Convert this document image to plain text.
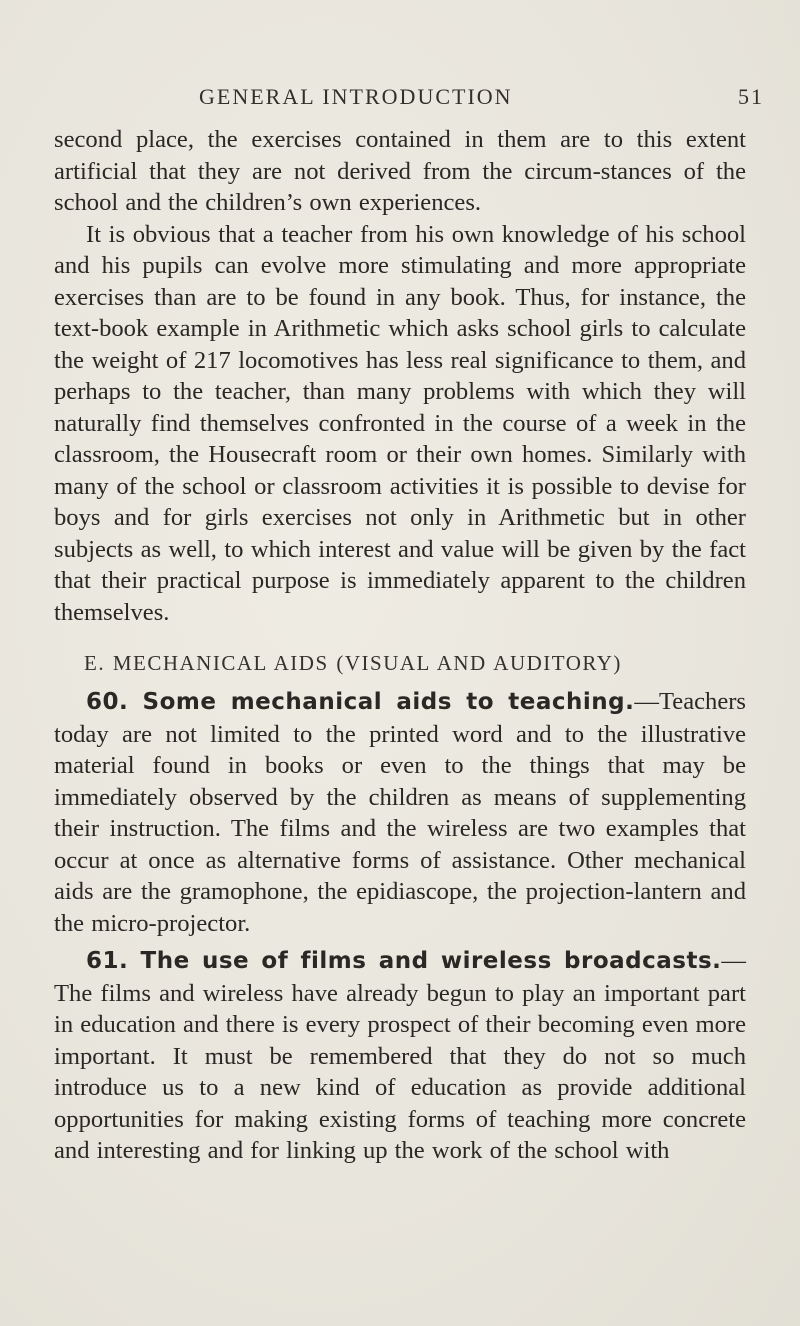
GENERAL INTRODUCTION	51

second place, the exercises contained in them are to this extent artificial that they are not derived from the circum-stances of the school and the children’s own experiences.

It is obvious that a teacher from his own knowledge of his school and his pupils can evolve more stimulating and more appropriate exercises than are to be found in any book. Thus, for instance, the text-book example in Arithmetic which asks school girls to calculate the weight of 217 locomotives has less real significance to them, and perhaps to the teacher, than many problems with which they will naturally find themselves confronted in the course of a week in the classroom, the Housecraft room or their own homes. Similarly with many of the school or classroom activities it is possible to devise for boys and for girls exercises not only in Arithmetic but in other subjects as well, to which interest and value will be given by the fact that their practical purpose is immediately apparent to the children themselves.

E. MECHANICAL AIDS (VISUAL AND AUDITORY)

60. Some mechanical aids to teaching.—Teachers today are not limited to the printed word and to the illustrative material found in books or even to the things that may be immediately observed by the children as means of supplementing their instruction. The films and the wireless are two examples that occur at once as alternative forms of assistance. Other mechanical aids are the gramophone, the epidiascope, the projection-lantern and the micro-projector.

61. The use of films and wireless broadcasts.— The films and wireless have already begun to play an important part in education and there is every prospect of their becoming even more important. It must be remembered that they do not so much introduce us to a new kind of education as provide additional opportunities for making existing forms of teaching more concrete and interesting and for linking up the work of the school with
